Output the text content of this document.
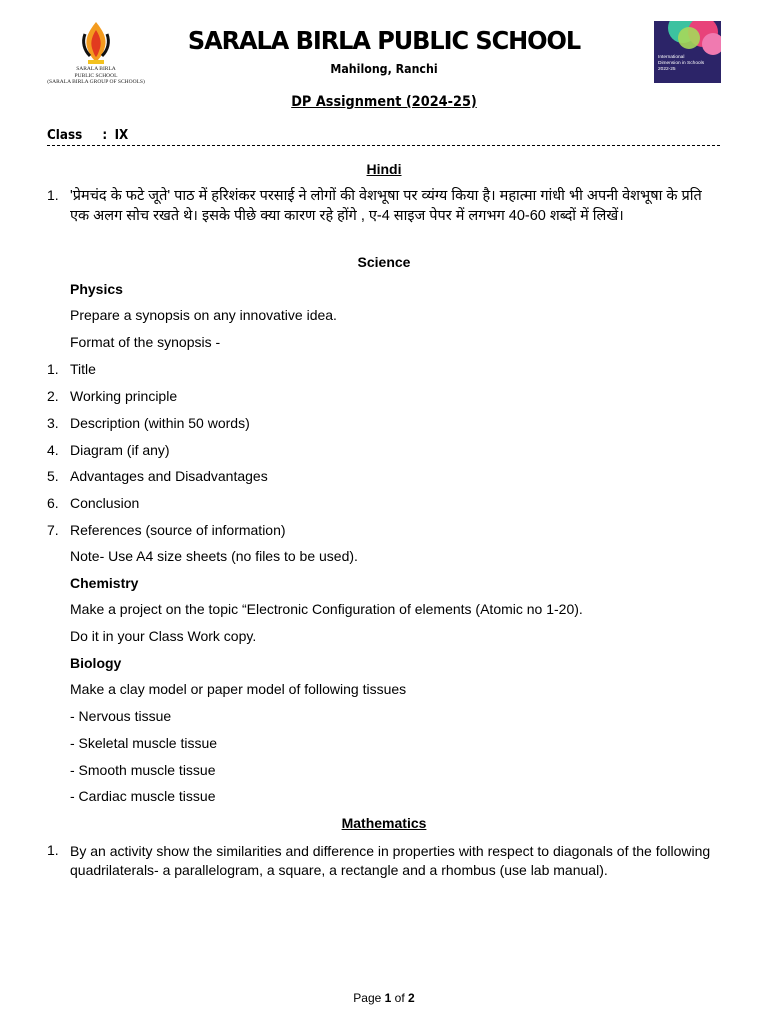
SARALA BIRLA
PUBLIC SCHOOL
(SARALA BIRLA GROUP OF SCHOOLS)
SARALA BIRLA PUBLIC SCHOOL
Mahilong, Ranchi
DP Assignment (2024-25)
International
Dimension in Schools
2022-25
Class : IX
Hindi
1. 'प्रेमचंद के फटे जूते' पाठ में हरिशंकर परसाई ने लोगों की वेशभूषा पर व्यंग्य किया है। महात्मा गांधी भी अपनी वेशभूषा के प्रति एक अलग सोच रखते थे। इसके पीछे क्या कारण रहे होंगे , ए-4 साइज पेपर में लगभग 40-60 शब्दों में लिखें।
Science
Physics
Prepare a synopsis on any innovative idea.
Format of the synopsis -
1. Title
2. Working principle
3. Description (within 50 words)
4. Diagram (if any)
5. Advantages and Disadvantages
6. Conclusion
7. References (source of information)
Note- Use A4 size sheets (no files to be used).
Chemistry
Make a project on the topic “Electronic Configuration of elements (Atomic no 1-20).
Do it in your Class Work copy.
Biology
Make a clay model or paper model of following tissues
- Nervous tissue
- Skeletal muscle tissue
- Smooth muscle tissue
- Cardiac muscle tissue
Mathematics
1. By an activity show the similarities and difference in properties with respect to diagonals of the following quadrilaterals- a parallelogram, a square, a rectangle and a rhombus (use lab manual).
Page 1 of 2
